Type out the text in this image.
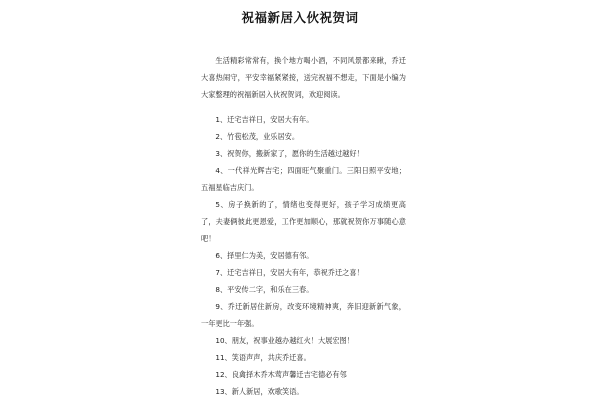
祝福新居入伙祝贺词

生活精彩常常有，换个地方喝小酒，不同风景都来瞅，乔迁大喜热闹守，平安幸福紧紧接，送完祝福不想走，下面是小编为大家整理的祝福新居入伙祝贺词，欢迎阅读。

1、迁宅吉祥日，安居大有年。
2、竹苞松茂，业乐居安。
3、祝贺你，搬新家了，愿你的生活越过越好！
4、一代祥光辉吉宅；四面旺气聚重门。三阳日照平安地；五福星临吉庆门。
5、房子换新的了，情绪也变得更好，孩子学习成绩更高了，夫妻俩彼此更恩爱，工作更加顺心，那就祝贺你万事随心意吧！
6、择里仁为美，安居德有邻。
7、迁宅吉祥日，安居大有年，恭祝乔迁之喜！
8、平安传二字，和乐在三春。
9、乔迁新居住新房，改变环境精神爽，奔旧迎新新气象，一年更比一年强。
10、朋友，祝事业越办越红火！大展宏图！
11、笑语声声，共庆乔迁喜。
12、良禽择木乔木莺声馨迁吉宅德必有邻
13、新人新居，欢歌笑语。
